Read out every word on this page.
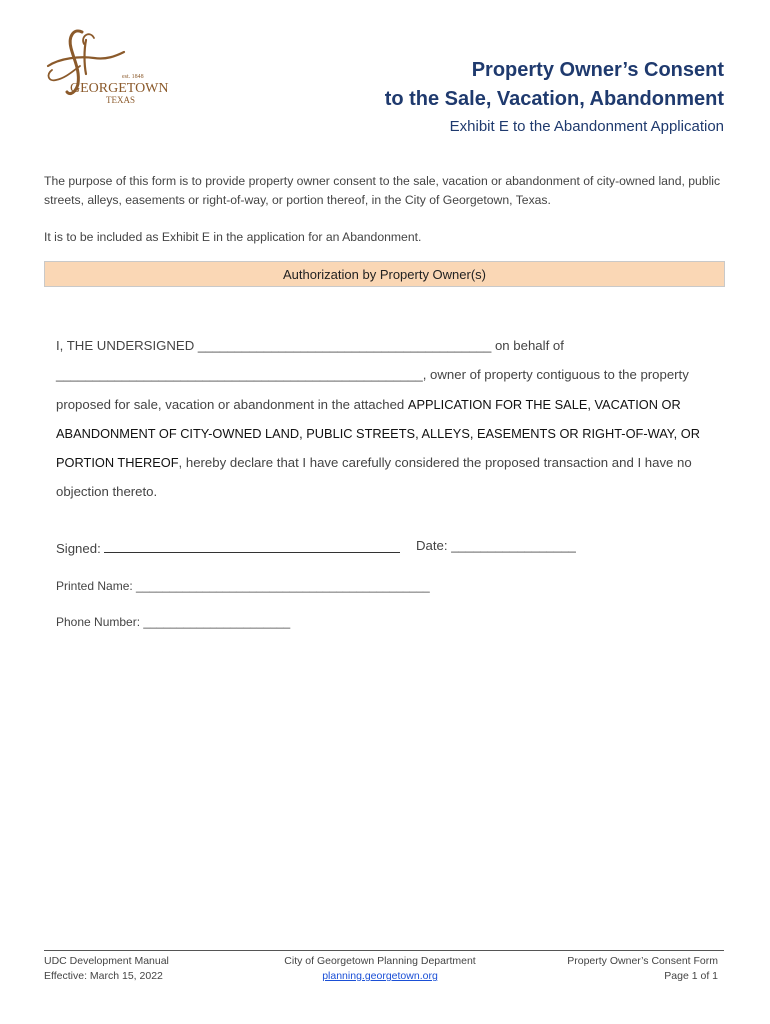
est. 1848
GEORGETOWN
TEXAS
Property Owner’s Consent
to the Sale, Vacation, Abandonment
Exhibit E to the Abandonment Application

The purpose of this form is to provide property owner consent to the sale, vacation or abandonment of city-owned land, public streets, alleys, easements or right-of-way, or portion thereof, in the City of Georgetown, Texas.

It is to be included as Exhibit E in the application for an Abandonment.

Authorization by Property Owner(s)
I, THE UNDERSIGNED ________________________________________ on behalf of
__________________________________________________, owner of property contiguous to the property
proposed for sale, vacation or abandonment in the attached APPLICATION FOR THE SALE, VACATION OR ABANDONMENT OF CITY-OWNED LAND, PUBLIC STREETS, ALLEYS, EASEMENTS OR RIGHT-OF-WAY, OR
PORTION THEREOF, hereby declare that I have carefully considered the proposed transaction and I have no objection thereto.
Signed:	Date: _________________
Printed Name: ____________________________________________
Phone Number: ______________________
UDC Development Manual
Effective: March 15, 2022
City of Georgetown Planning Department
planning.georgetown.org
Property Owner’s Consent Form
Page 1 of 1
